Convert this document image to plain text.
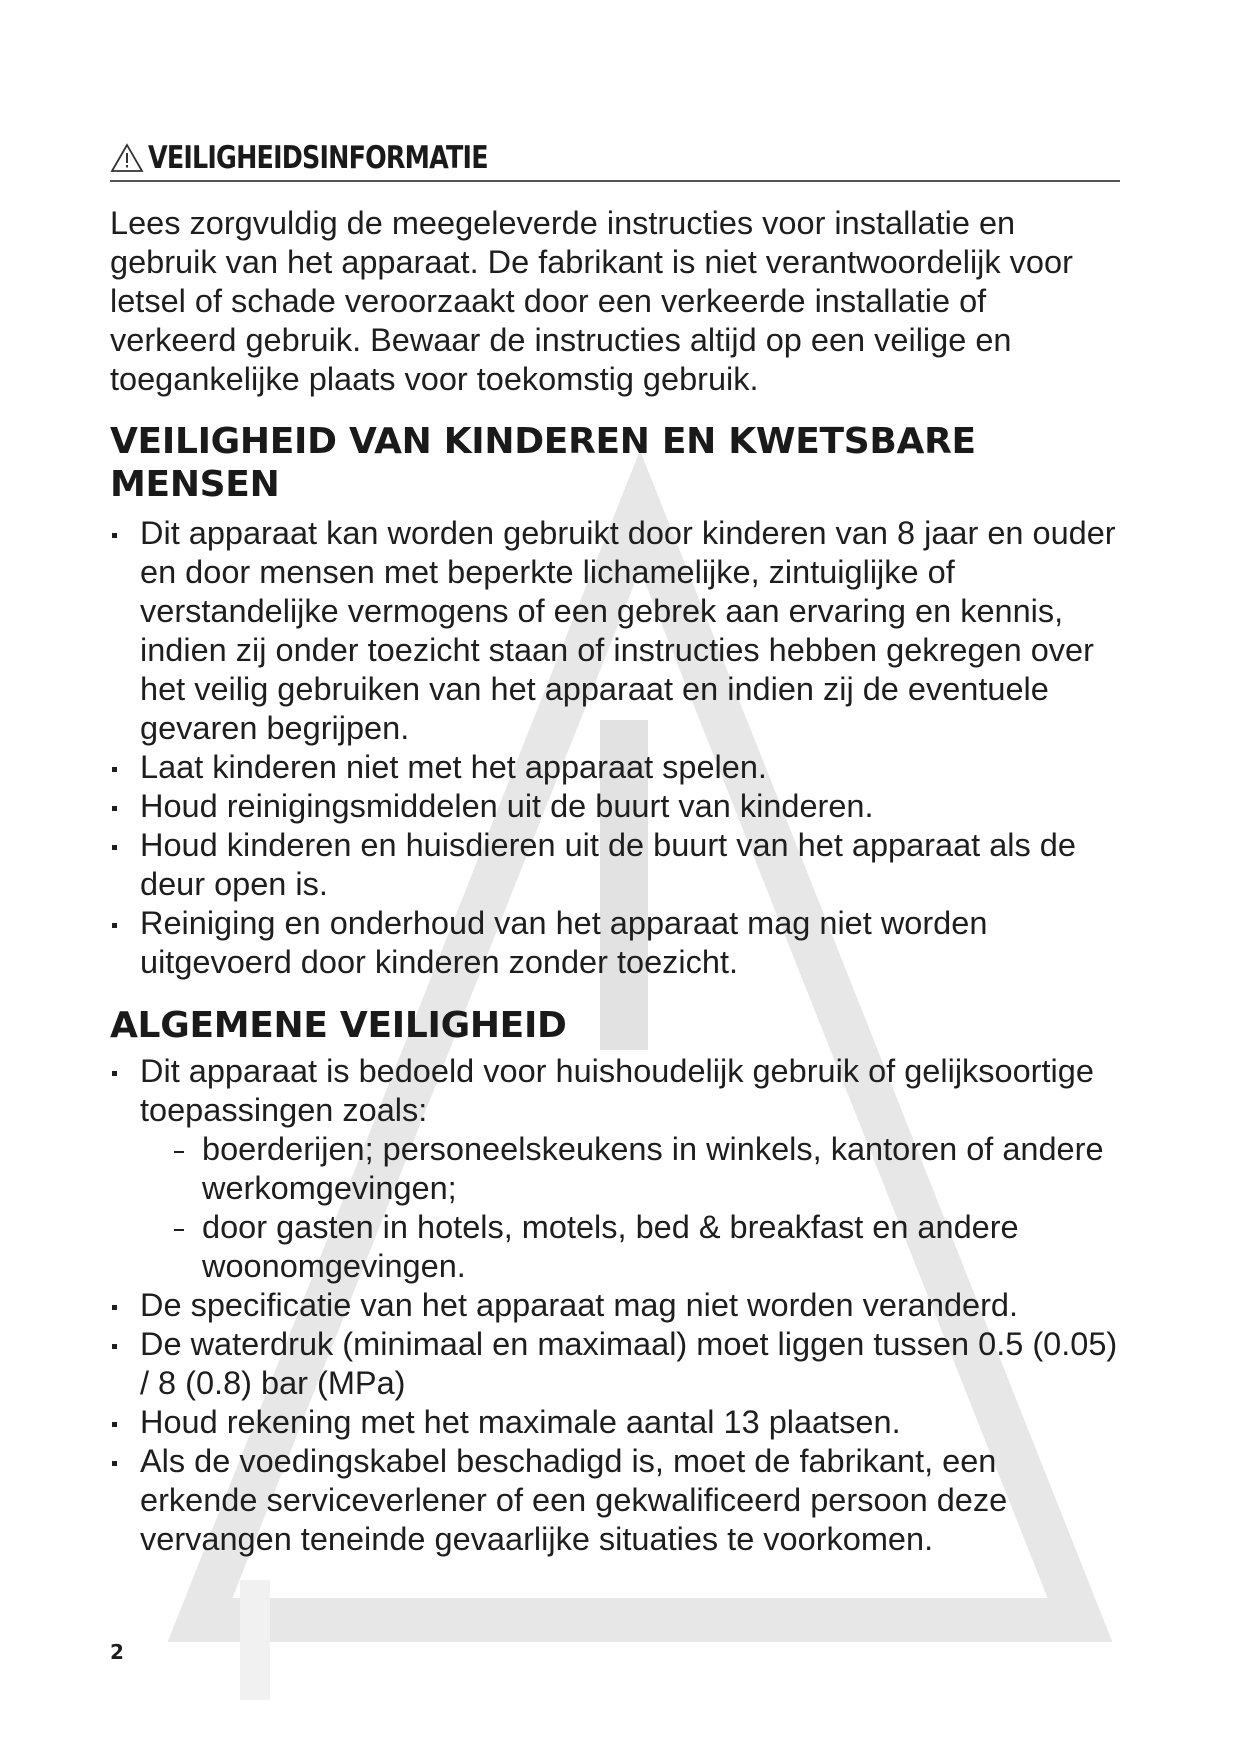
VEILIGHEIDSINFORMATIE

Lees zorgvuldig de meegeleverde instructies voor installatie en gebruik van het apparaat. De fabrikant is niet verantwoordelijk voor letsel of schade veroorzaakt door een verkeerde installatie of verkeerd gebruik. Bewaar de instructies altijd op een veilige en toegankelijke plaats voor toekomstig gebruik.

VEILIGHEID VAN KINDEREN EN KWETSBARE MENSEN
Dit apparaat kan worden gebruikt door kinderen van 8 jaar en ouder en door mensen met beperkte lichamelijke, zintuiglijke of verstandelijke vermogens of een gebrek aan ervaring en kennis, indien zij onder toezicht staan of instructies hebben gekregen over het veilig gebruiken van het apparaat en indien zij de eventuele gevaren begrijpen.
Laat kinderen niet met het apparaat spelen.
Houd reinigingsmiddelen uit de buurt van kinderen.
Houd kinderen en huisdieren uit de buurt van het apparaat als de deur open is.
Reiniging en onderhoud van het apparaat mag niet worden uitgevoerd door kinderen zonder toezicht.
ALGEMENE VEILIGHEID
Dit apparaat is bedoeld voor huishoudelijk gebruik of gelijksoortige toepassingen zoals:
boerderijen; personeelskeukens in winkels, kantoren of andere werkomgevingen;
door gasten in hotels, motels, bed & breakfast en andere woonomgevingen.
De specificatie van het apparaat mag niet worden veranderd.
De waterdruk (minimaal en maximaal) moet liggen tussen 0.5 (0.05) / 8 (0.8) bar (MPa)
Houd rekening met het maximale aantal 13 plaatsen.
Als de voedingskabel beschadigd is, moet de fabrikant, een erkende serviceverlener of een gekwalificeerd persoon deze vervangen teneinde gevaarlijke situaties te voorkomen.
2
